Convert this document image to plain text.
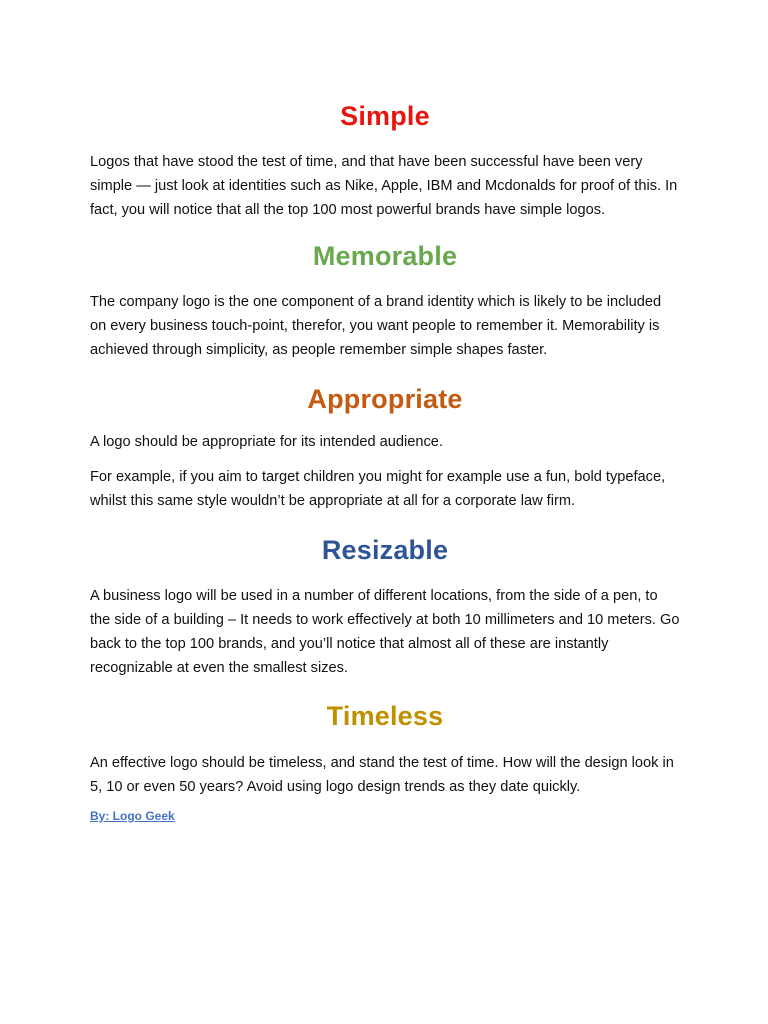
Simple

Logos that have stood the test of time, and that have been successful have been very simple — just look at identities such as Nike, Apple, IBM and Mcdonalds for proof of this. In fact, you will notice that all the top 100 most powerful brands have simple logos.

Memorable

The company logo is the one component of a brand identity which is likely to be included on every business touch-point, therefor, you want people to remember it. Memorability is achieved through simplicity, as people remember simple shapes faster.

Appropriate

A logo should be appropriate for its intended audience.

For example, if you aim to target children you might for example use a fun, bold typeface, whilst this same style wouldn’t be appropriate at all for a corporate law firm.

Resizable

A business logo will be used in a number of different locations, from the side of a pen, to the side of a building – It needs to work effectively at both 10 millimeters and 10 meters. Go back to the top 100 brands, and you’ll notice that almost all of these are instantly recognizable at even the smallest sizes.

Timeless

An effective logo should be timeless, and stand the test of time. How will the design look in 5, 10 or even 50 years? Avoid using logo design trends as they date quickly.

By: Logo Geek
